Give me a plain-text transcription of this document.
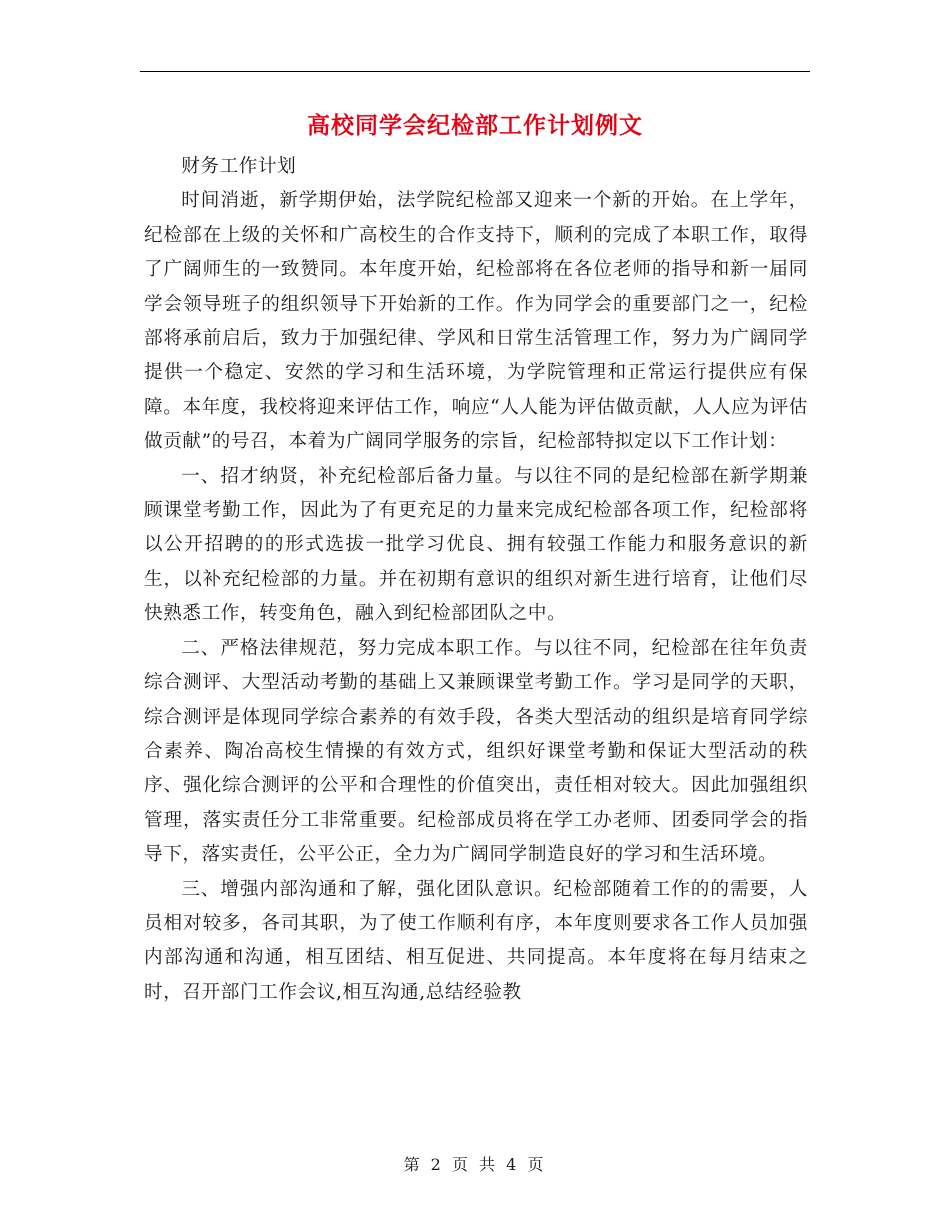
高校同学会纪检部工作计划例文

财务工作计划

时间消逝，新学期伊始，法学院纪检部又迎来一个新的开始。在上学年，纪检部在上级的关怀和广高校生的合作支持下，顺利的完成了本职工作，取得了广阔师生的一致赞同。本年度开始，纪检部将在各位老师的指导和新一届同学会领导班子的组织领导下开始新的工作。作为同学会的重要部门之一，纪检部将承前启后，致力于加强纪律、学风和日常生活管理工作，努力为广阔同学提供一个稳定、安然的学习和生活环境，为学院管理和正常运行提供应有保障。本年度，我校将迎来评估工作，响应“人人能为评估做贡献，人人应为评估做贡献”的号召，本着为广阔同学服务的宗旨，纪检部特拟定以下工作计划：

一、招才纳贤，补充纪检部后备力量。与以往不同的是纪检部在新学期兼顾课堂考勤工作，因此为了有更充足的力量来完成纪检部各项工作，纪检部将以公开招聘的的形式选拔一批学习优良、拥有较强工作能力和服务意识的新生，以补充纪检部的力量。并在初期有意识的组织对新生进行培育，让他们尽快熟悉工作，转变角色，融入到纪检部团队之中。

二、严格法律规范，努力完成本职工作。与以往不同，纪检部在往年负责综合测评、大型活动考勤的基础上又兼顾课堂考勤工作。学习是同学的天职，综合测评是体现同学综合素养的有效手段，各类大型活动的组织是培育同学综合素养、陶冶高校生情操的有效方式，组织好课堂考勤和保证大型活动的秩序、强化综合测评的公平和合理性的价值突出，责任相对较大。因此加强组织管理，落实责任分工非常重要。纪检部成员将在学工办老师、团委同学会的指导下，落实责任，公平公正，全力为广阔同学制造良好的学习和生活环境。

三、增强内部沟通和了解，强化团队意识。纪检部随着工作的的需要，人员相对较多，各司其职，为了使工作顺利有序，本年度则要求各工作人员加强内部沟通和沟通，相互团结、相互促进、共同提高。本年度将在每月结束之时，召开部门工作会议,相互沟通,总结经验教

第 2 页 共 4 页
